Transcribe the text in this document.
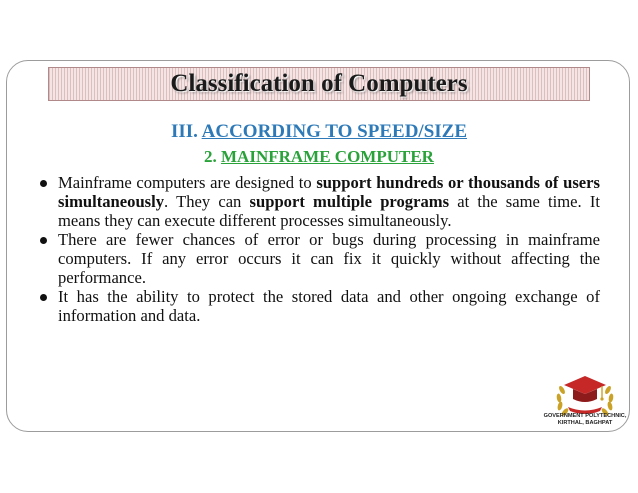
Classification of Computers
III. ACCORDING TO SPEED/SIZE
2. MAINFRAME COMPUTER
Mainframe computers are designed to support hundreds or thousands of users simultaneously. They can support multiple programs at the same time. It means they can execute different processes simultaneously.
There are fewer chances of error or bugs during processing in mainframe computers. If any error occurs it can fix it quickly without affecting the performance.
It has the ability to protect the stored data and other ongoing exchange of information and data.
GOVERNMENT POLYTECHNIC,
KIRTHAL, BAGHPAT
